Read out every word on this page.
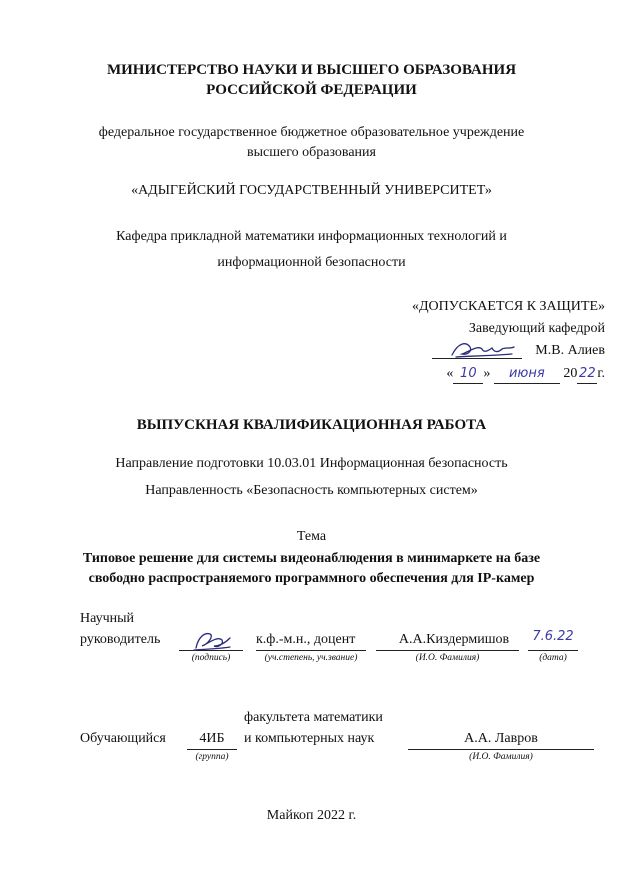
МИНИСТЕРСТВО НАУКИ И ВЫСШЕГО ОБРАЗОВАНИЯ
РОССИЙСКОЙ ФЕДЕРАЦИИ
федеральное государственное бюджетное образовательное учреждение
высшего образования
«АДЫГЕЙСКИЙ ГОСУДАРСТВЕННЫЙ УНИВЕРСИТЕТ»
Кафедра прикладной математики информационных технологий и
информационной безопасности
«ДОПУСКАЕТСЯ К ЗАЩИТЕ»
Заведующий кафедрой
М.В. Алиев
« 10 » июня 20 22 г.
ВЫПУСКНАЯ КВАЛИФИКАЦИОННАЯ РАБОТА
Направление подготовки 10.03.01 Информационная безопасность
Направленность «Безопасность компьютерных систем»
Тема
Типовое решение для системы видеонаблюдения в минимаркете на базе
свободно распространяемого программного обеспечения для IP-камер
Научный
руководитель	к.ф.-м.н., доцент	А.А.Киздермишов	7.6.22
(подпись)	(уч.степень, уч.звание)	(И.О. Фамилия)	(дата)
факультета математики
Обучающийся	4ИБ	и компьютерных наук	А.А. Лавров
(группа)	(И.О. Фамилия)
Майкоп 2022 г.
